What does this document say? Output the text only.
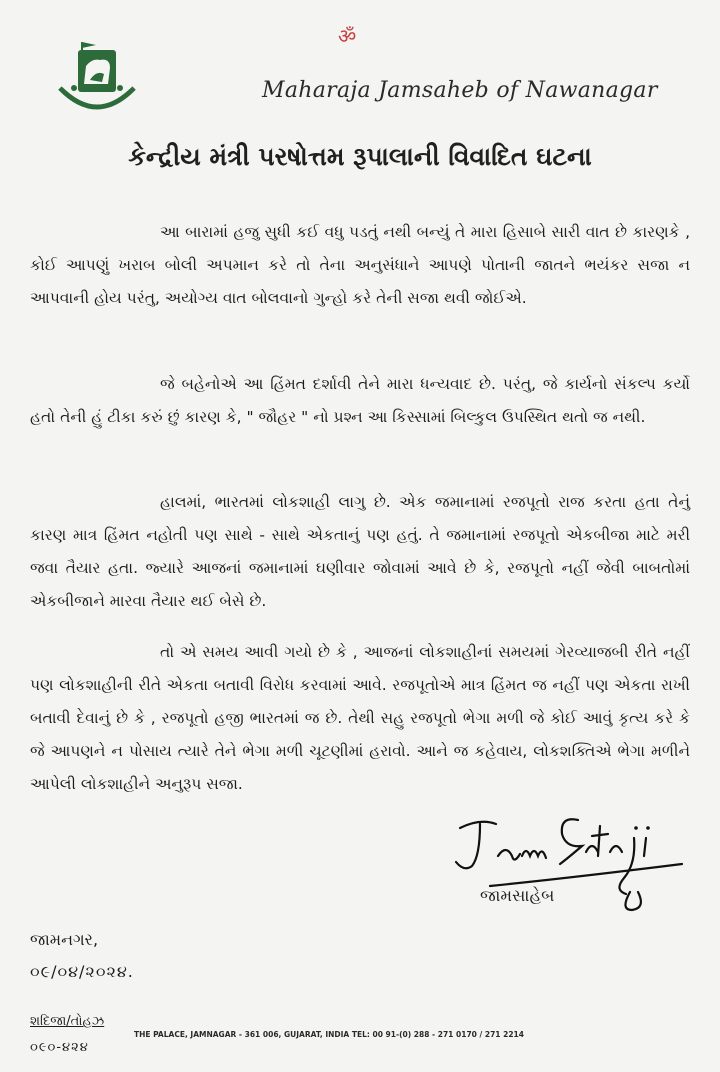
ॐ
Maharaja Jamsaheb of Nawanagar
કેન્દ્રીય મંત્રી પરષોત્તમ રૂપાલાની વિવાદિત ઘટના

આ બારામાં હજુ સુધી કઈ વધુ પડતું નથી બન્યું તે મારા હિસાબે સારી વાત છે કારણકે , કોઈ આપણું ખરાબ બોલી અપમાન કરે તો તેના અનુસંધાને આપણે પોતાની જાતને ભયંકર સજા ન આપવાની હોય પરંતુ, અયોગ્ય વાત બોલવાનો ગુન્હો કરે તેની સજા થવી જોઈએ.

જે બહેનોએ આ હિંમત દર્શાવી તેને મારા ધન્યવાદ છે. પરંતુ, જે કાર્યનો સંકલ્પ કર્યો હતો તેની હું ટીકા કરું છું કારણ કે, " જૌહર " નો પ્રશ્ન આ કિસ્સામાં બિલ્કુલ ઉપસ્થિત થતો જ નથી.

હાલમાં, ભારતમાં લોકશાહી લાગુ છે. એક જમાનામાં રજપૂતો રાજ કરતા હતા તેનું કારણ માત્ર હિંમત નહોતી પણ સાથે - સાથે એકતાનું પણ હતું. તે જમાનામાં રજપૂતો એકબીજા માટે મરી જવા તૈયાર હતા. જ્યારે આજનાં જમાનામાં ઘણીવાર જોવામાં આવે છે કે, રજપૂતો નહીં જેવી બાબતોમાં એકબીજાને મારવા તૈયાર થઈ બેસે છે.

તો એ સમય આવી ગયો છે કે , આજનાં લોકશાહીનાં સમયમાં ગેરવ્યાજબી રીતે નહીં પણ લોકશાહીની રીતે એકતા બતાવી વિરોધ કરવામાં આવે. રજપૂતોએ માત્ર હિંમત જ નહીં પણ એકતા રાખી બતાવી દેવાનું છે કે , રજપૂતો હજી ભારતમાં જ છે. તેથી સહુ રજપૂતો ભેગા મળી જે કોઈ આવું કૃત્ય કરે કે જે આપણને ન પોસાય ત્યારે તેને ભેગા મળી ચૂટણીમાં હરાવો. આને જ કહેવાય, લોકશક્તિએ ભેગા મળીને આપેલી લોકશાહીને અનુરૂપ સજા.

જામસાહેબ
જામનગર,
૦૯/૦૪/૨૦૨૪.
શદિજા/તોહઝ
૦૯૦-૪૨૪
THE PALACE, JAMNAGAR - 361 006, GUJARAT, INDIA TEL: 00 91-(0) 288 - 271 0170 / 271 2214
